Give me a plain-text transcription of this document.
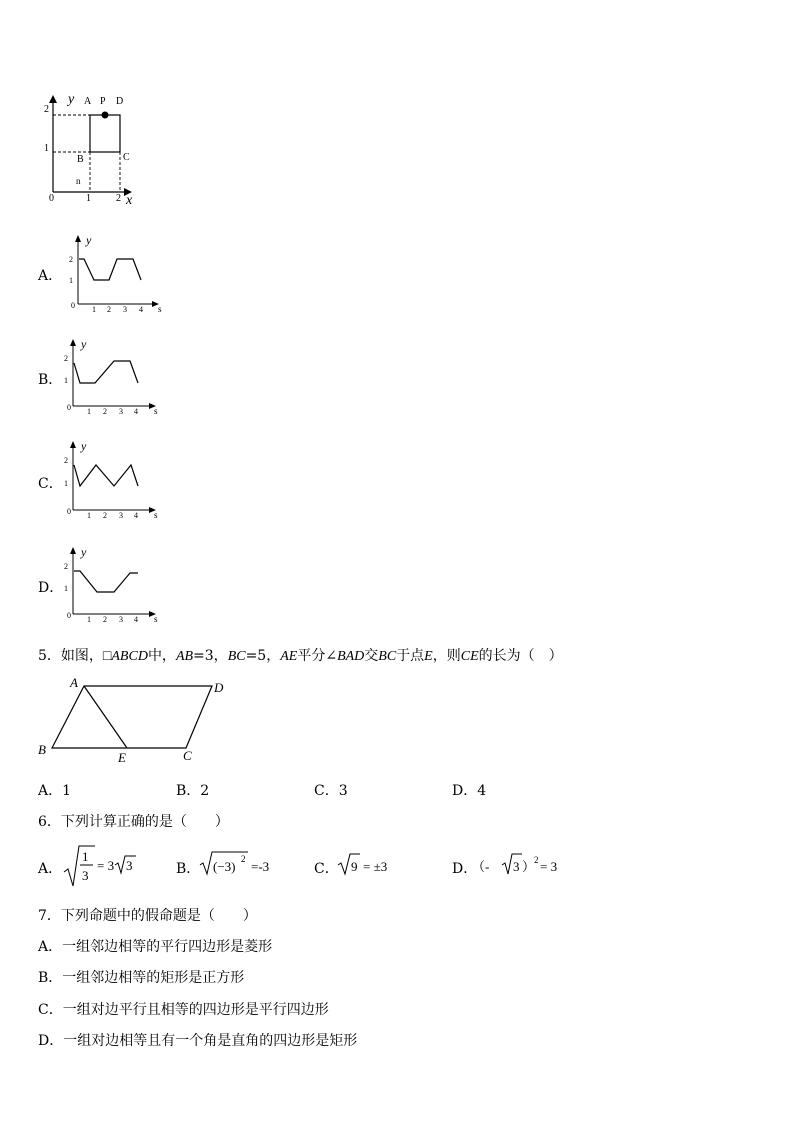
y A P D
B	C
2
1
0	1	2 x
n
A．
y
2
1
0 1 2 3 4 s
B．
y
2
1
0 1 2 3 4 s
C．
y
2
1
0 1 2 3 4 s
D．
y
2
1
0 1 2 3 4 s
5．如图，□ABCD中，AB=3，BC=5，AE平分∠BAD交BC于点E，则CE的长为（　）
A	D
B	C
E
A．1	B．2	C．3	D．4
6．下列计算正确的是（　　）
A．
1
3
= 3 3	B． (−3) 2 =-3	C． 9 = ±3	D．
（- 3 ）
2 = 3
7．下列命题中的假命题是（　　）
A．一组邻边相等的平行四边形是菱形
B．一组邻边相等的矩形是正方形
C．一组对边平行且相等的四边形是平行四边形
D．一组对边相等且有一个角是直角的四边形是矩形
